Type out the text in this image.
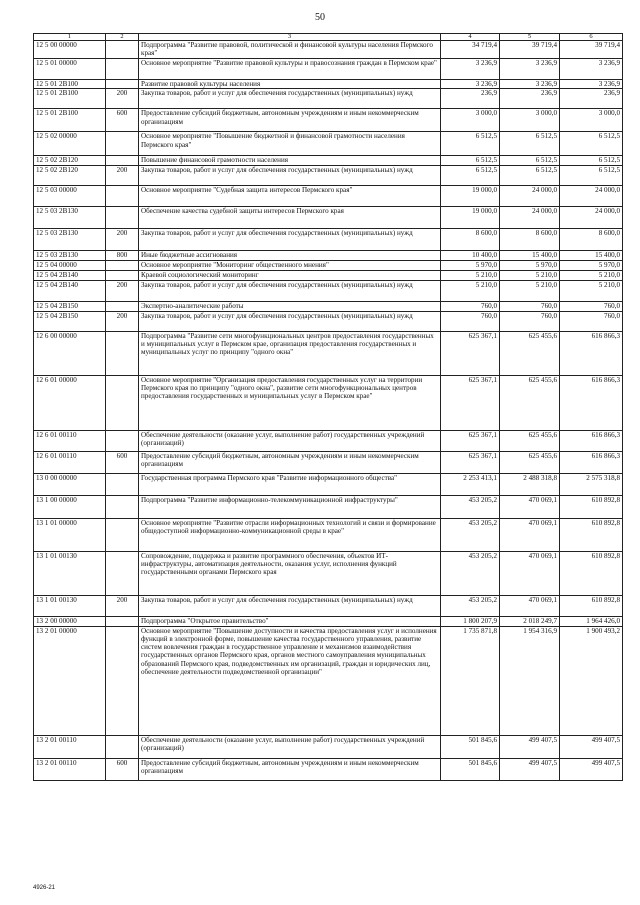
50
1	2	3	4	5	6
12 5 00 00000		Подпрограмма "Развитие правовой, политической и финансовой культуры населения Пермского края"	34 719,4	39 719,4	39 719,4
12 5 01 00000		Основное мероприятие "Развитие правовой культуры и правосознания граждан в Пермском крае"	3 236,9	3 236,9	3 236,9
12 5 01 2B100		Развитие правовой культуры населения	3 236,9	3 236,9	3 236,9
12 5 01 2B100	200	Закупка товаров, работ и услуг для обеспечения государственных (муниципальных) нужд	236,9	236,9	236,9
12 5 01 2B100	600	Предоставление субсидий бюджетным, автономным учреждениям и иным некоммерческим организациям	3 000,0	3 000,0	3 000,0
12 5 02 00000		Основное мероприятие "Повышение бюджетной и финансовой грамотности населения Пермского края"	6 512,5	6 512,5	6 512,5
12 5 02 2B120		Повышение финансовой грамотности населения	6 512,5	6 512,5	6 512,5
12 5 02 2B120	200	Закупка товаров, работ и услуг для обеспечения государственных (муниципальных) нужд	6 512,5	6 512,5	6 512,5
12 5 03 00000		Основное мероприятие "Судебная защита интересов Пермского края"	19 000,0	24 000,0	24 000,0
12 5 03 2B130		Обеспечение качества судебной защиты интересов Пермского края	19 000,0	24 000,0	24 000,0
12 5 03 2B130	200	Закупка товаров, работ и услуг для обеспечения государственных (муниципальных) нужд	8 600,0	8 600,0	8 600,0
12 5 03 2B130	800	Иные бюджетные ассигнования	10 400,0	15 400,0	15 400,0
12 5 04 00000		Основное мероприятие "Мониторинг общественного мнения"	5 970,0	5 970,0	5 970,0
12 5 04 2B140		Краевой социологический мониторинг	5 210,0	5 210,0	5 210,0
12 5 04 2B140	200	Закупка товаров, работ и услуг для обеспечения государственных (муниципальных) нужд	5 210,0	5 210,0	5 210,0
12 5 04 2B150		Экспертно-аналитические работы	760,0	760,0	760,0
12 5 04 2B150	200	Закупка товаров, работ и услуг для обеспечения государственных (муниципальных) нужд	760,0	760,0	760,0
12 6 00 00000		Подпрограмма "Развитие сети многофункциональных центров предоставления государственных и муниципальных услуг в Пермском крае, организация предоставления государственных и муниципальных услуг по принципу "одного окна"	625 367,1	625 455,6	616 866,3
12 6 01 00000		Основное мероприятие "Организация предоставления государственных услуг на территории Пермского края по принципу "одного окна", развитие сети многофункциональных центров предоставления государственных и муниципальных услуг в Пермском крае"	625 367,1	625 455,6	616 866,3
12 6 01 00110		Обеспечение деятельности (оказание услуг, выполнение работ) государственных учреждений (организаций)	625 367,1	625 455,6	616 866,3
12 6 01 00110	600	Предоставление субсидий бюджетным, автономным учреждениям и иным некоммерческим организациям	625 367,1	625 455,6	616 866,3
13 0 00 00000		Государственная программа Пермского края "Развитие информационного общества"	2 253 413,1	2 488 318,8	2 575 318,8
13 1 00 00000		Подпрограмма "Развитие информационно-телекоммуникационной инфраструктуры"	453 205,2	470 069,1	610 892,8
13 1 01 00000		Основное мероприятие "Развитие отрасли информационных технологий и связи и формирование общедоступной информационно-коммуникационной среды в крае"	453 205,2	470 069,1	610 892,8
13 1 01 00130		Сопровождение, поддержка и развитие программного обеспечения, объектов ИТ-инфраструктуры, автоматизация деятельности, оказания услуг, исполнения функций государственными органами Пермского края	453 205,2	470 069,1	610 892,8
13 1 01 00130	200	Закупка товаров, работ и услуг для обеспечения государственных (муниципальных) нужд	453 205,2	470 069,1	610 892,8
13 2 00 00000		Подпрограмма "Открытое правительство"	1 800 207,9	2 018 249,7	1 964 426,0
13 2 01 00000		Основное мероприятие "Повышение доступности и качества предоставления услуг и исполнения функций в электронной форме, повышение качества государственного управления, развитие систем вовлечения граждан в государственное управление и механизмов взаимодействия государственных органов Пермского края, органов местного самоуправления муниципальных образований Пермского края, подведомственных им организаций, граждан и юридических лиц, обеспечение деятельности подведомственной организации"	1 735 871,8	1 954 316,9	1 900 493,2
13 2 01 00110		Обеспечение деятельности (оказание услуг, выполнение работ) государственных учреждений (организаций)	501 845,6	499 407,5	499 407,5
13 2 01 00110	600	Предоставление субсидий бюджетным, автономным учреждениям и иным некоммерческим организациям	501 845,6	499 407,5	499 407,5
4926-21
